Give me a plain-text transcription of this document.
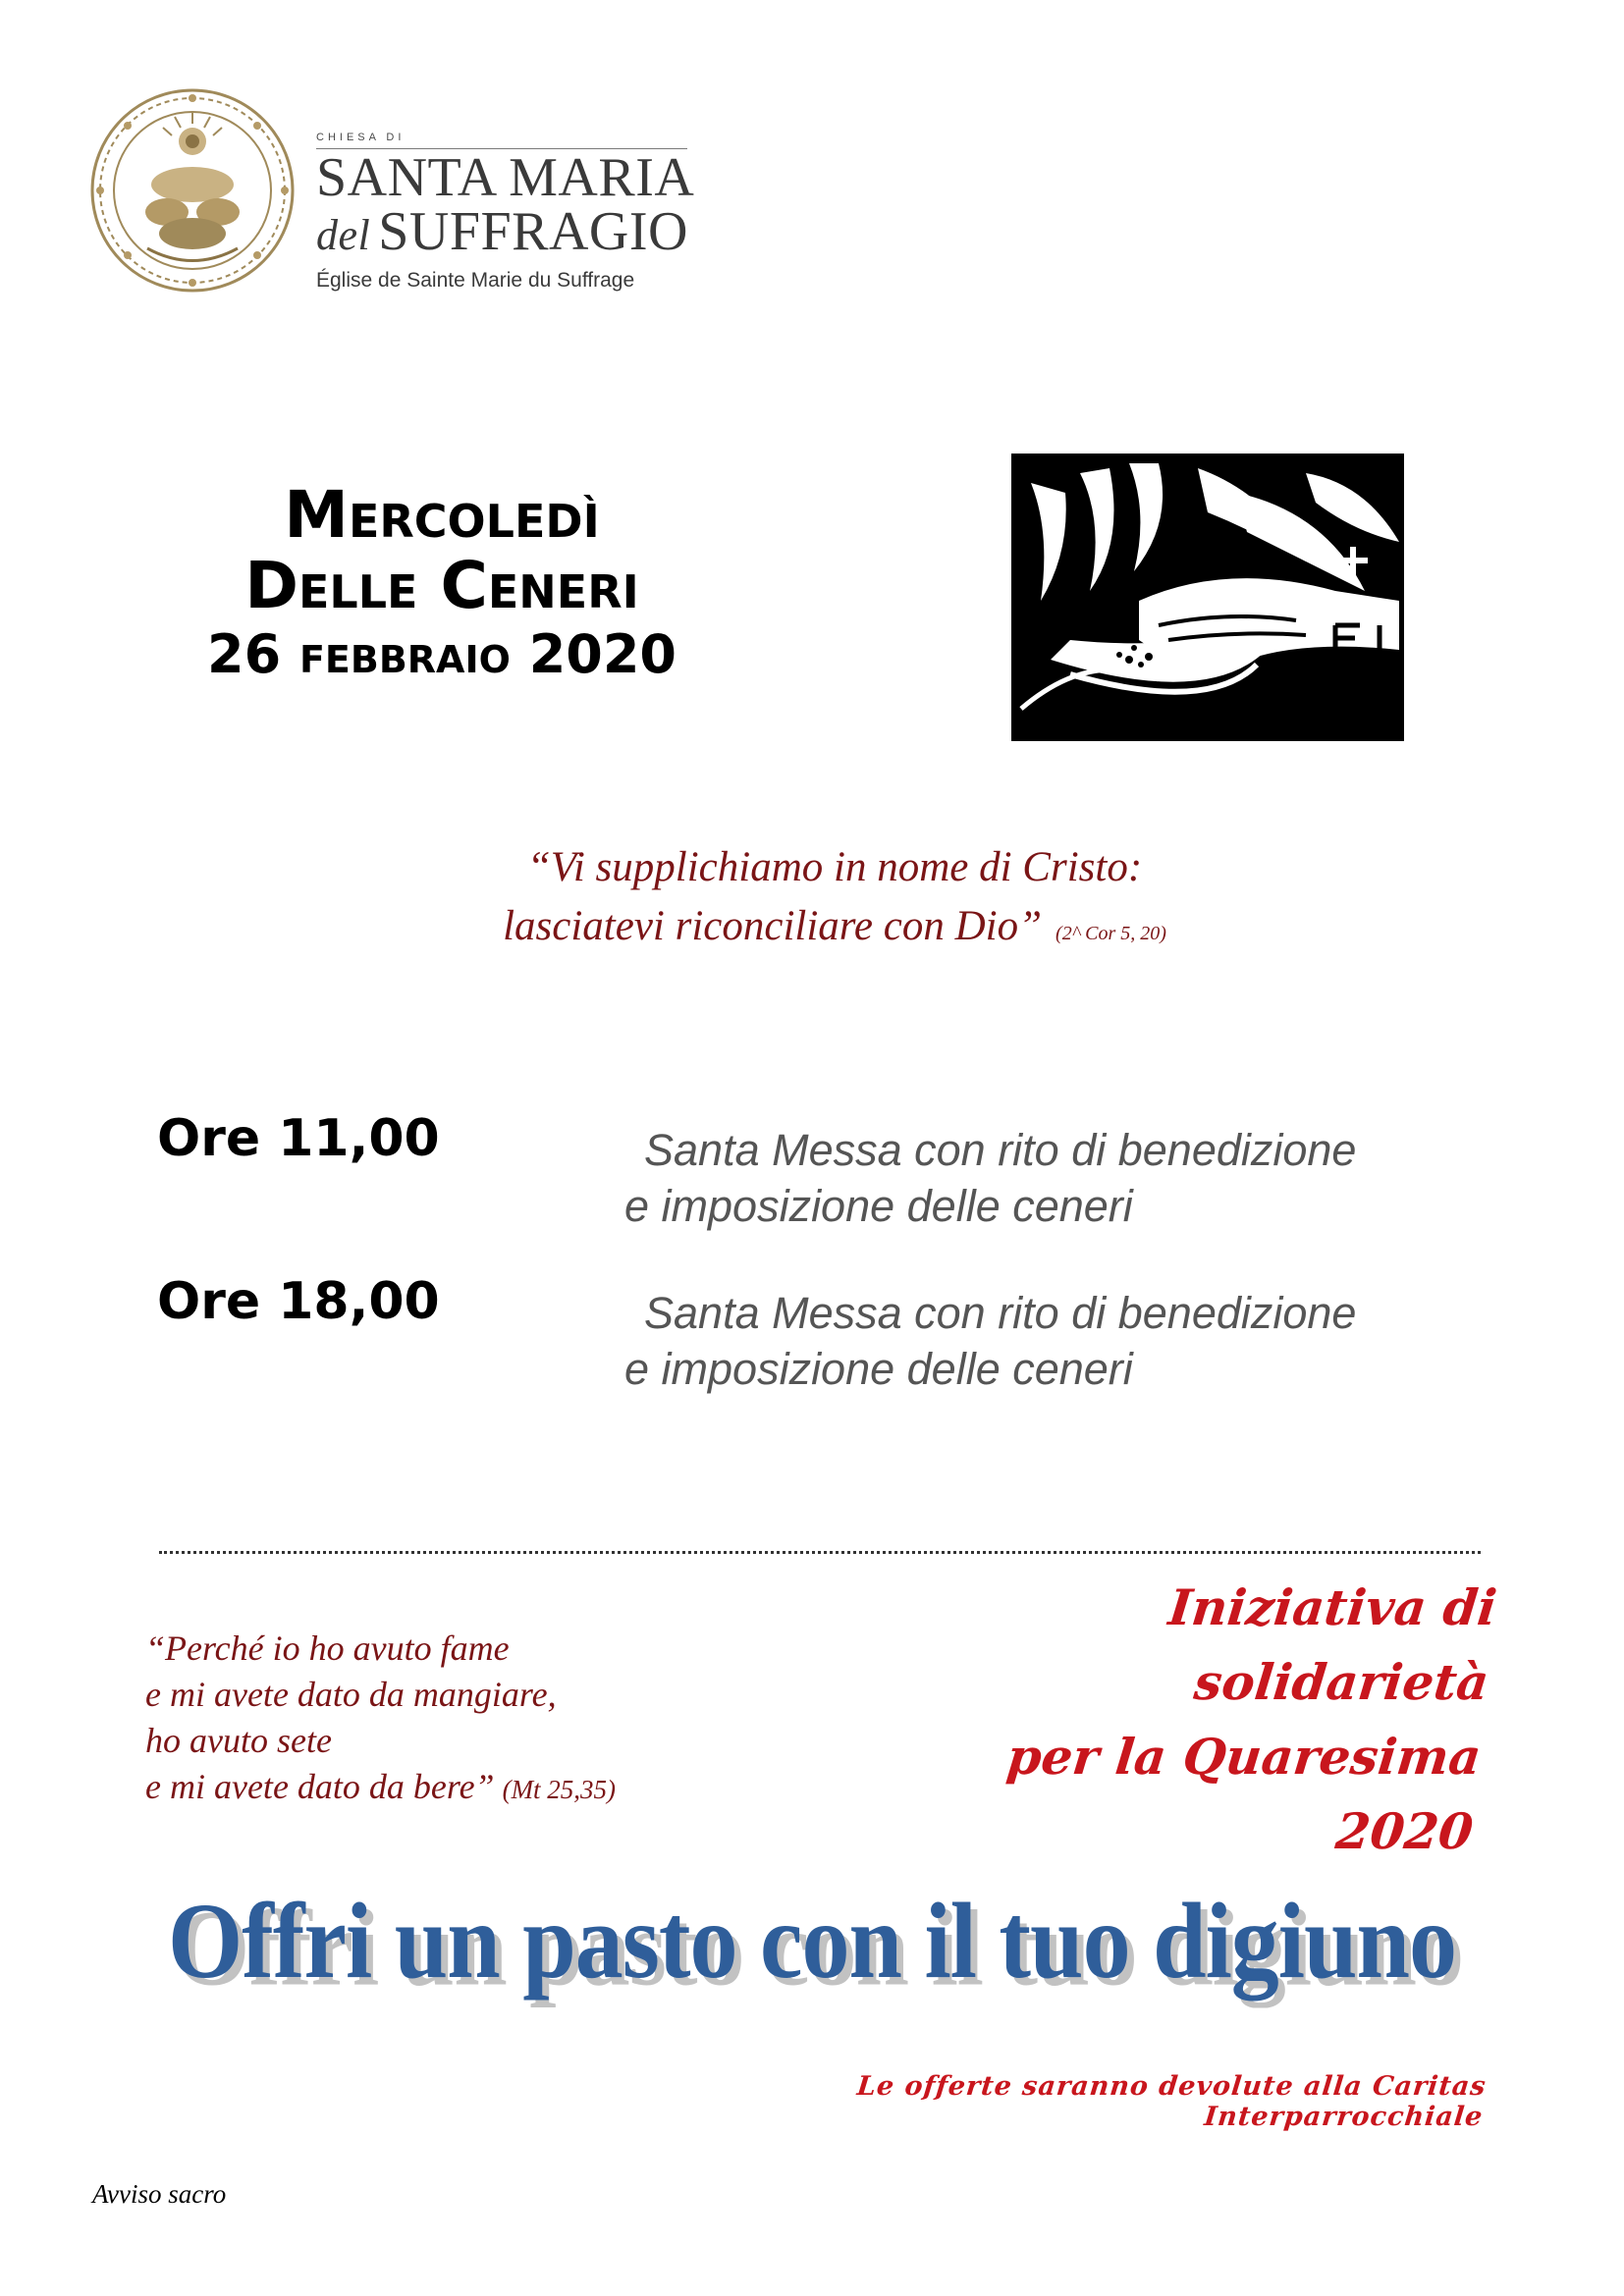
CHIESA DI
SANTA MARIA
del SUFFRAGIO
Église de Sainte Marie du Suffrage
Mercoledì
Delle Ceneri
26 febbraio 2020
“Vi supplichiamo in nome di Cristo:
lasciatevi riconciliare con Dio” (2^ Cor 5, 20)
Ore 11,00	Santa Messa con rito di benedizione
e imposizione delle ceneri
Ore 18,00	Santa Messa con rito di benedizione
e imposizione delle ceneri
Iniziativa di solidarietà
per la Quaresima 2020
“Perché io ho avuto fame
e mi avete dato da mangiare,
ho avuto sete
e mi avete dato da bere” (Mt 25,35)
Offri un pasto con il tuo digiuno
Le offerte saranno devolute alla Caritas Interparrocchiale
Avviso sacro
